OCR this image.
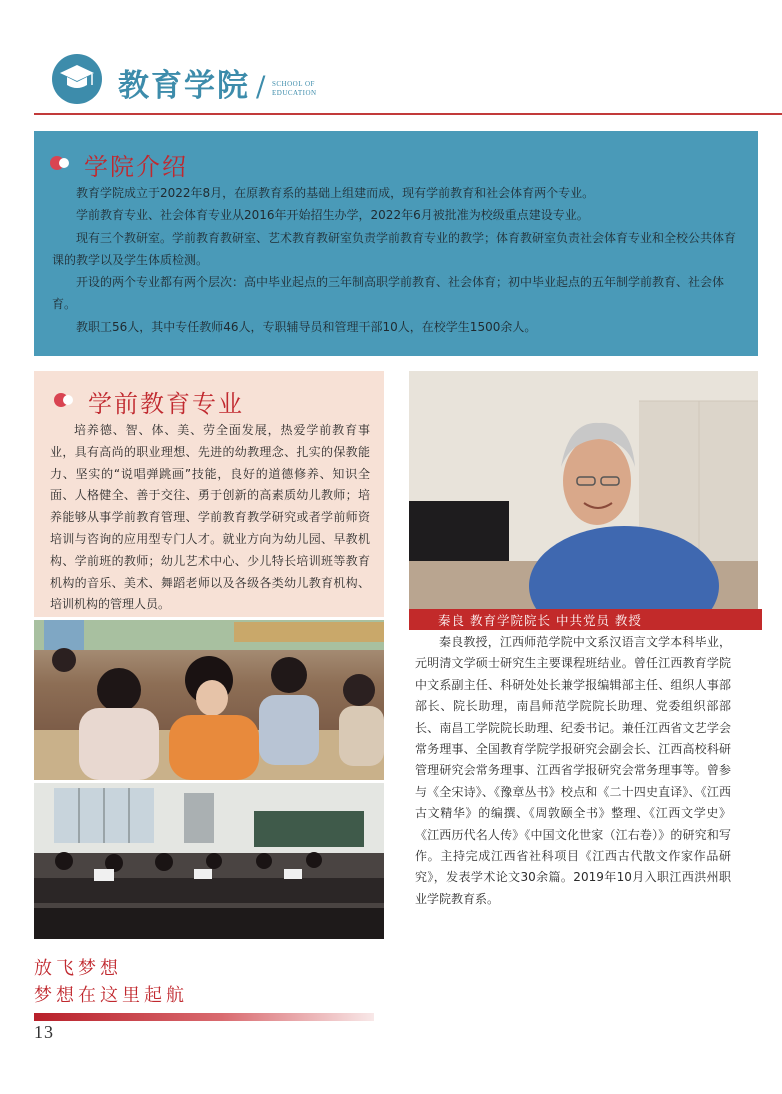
教育学院 / SCHOOL OF
EDUCATION
学院介绍

教育学院成立于2022年8月，在原教育系的基础上组建而成，现有学前教育和社会体育两个专业。

学前教育专业、社会体育专业从2016年开始招生办学，2022年6月被批准为校级重点建设专业。

现有三个教研室。学前教育教研室、艺术教育教研室负责学前教育专业的教学；体育教研室负责社会体育专业和全校公共体育课的教学以及学生体质检测。

开设的两个专业都有两个层次：高中毕业起点的三年制高职学前教育、社会体育；初中毕业起点的五年制学前教育、社会体育。

教职工56人，其中专任教师46人，专职辅导员和管理干部10人，在校学生1500余人。

学前教育专业
培养德、智、体、美、劳全面发展，热爱学前教育事业，具有高尚的职业理想、先进的幼教理念、扎实的保教能力、坚实的“说唱弹跳画”技能，良好的道德修养、知识全面、人格健全、善于交往、勇于创新的高素质幼儿教师；培养能够从事学前教育管理、学前教育教学研究或者学前师资培训与咨询的应用型专门人才。就业方向为幼儿园、早教机构、学前班的教师；幼儿艺术中心、少儿特长培训班等教育机构的音乐、美术、舞蹈老师以及各级各类幼儿教育机构、培训机构的管理人员。
放飞梦想
梦想在这里起航
13
秦良 教育学院院长 中共党员 教授
秦良教授，江西师范学院中文系汉语言文学本科毕业，元明清文学硕士研究生主要课程班结业。曾任江西教育学院中文系副主任、科研处处长兼学报编辑部主任、组织人事部部长、院长助理，南昌师范学院院长助理、党委组织部部长、南昌工学院院长助理、纪委书记。兼任江西省文艺学会常务理事、全国教育学院学报研究会副会长、江西高校科研管理研究会常务理事、江西省学报研究会常务理事等。曾参与《全宋诗》、《豫章丛书》校点和《二十四史直译》、《江西古文精华》的编撰、《周敦颐全书》整理、《江西文学史》《江西历代名人传》《中国文化世家（江右卷）》的研究和写作。主持完成江西省社科项目《江西古代散文作家作品研究》，发表学术论文30余篇。2019年10月入职江西洪州职业学院教育系。
